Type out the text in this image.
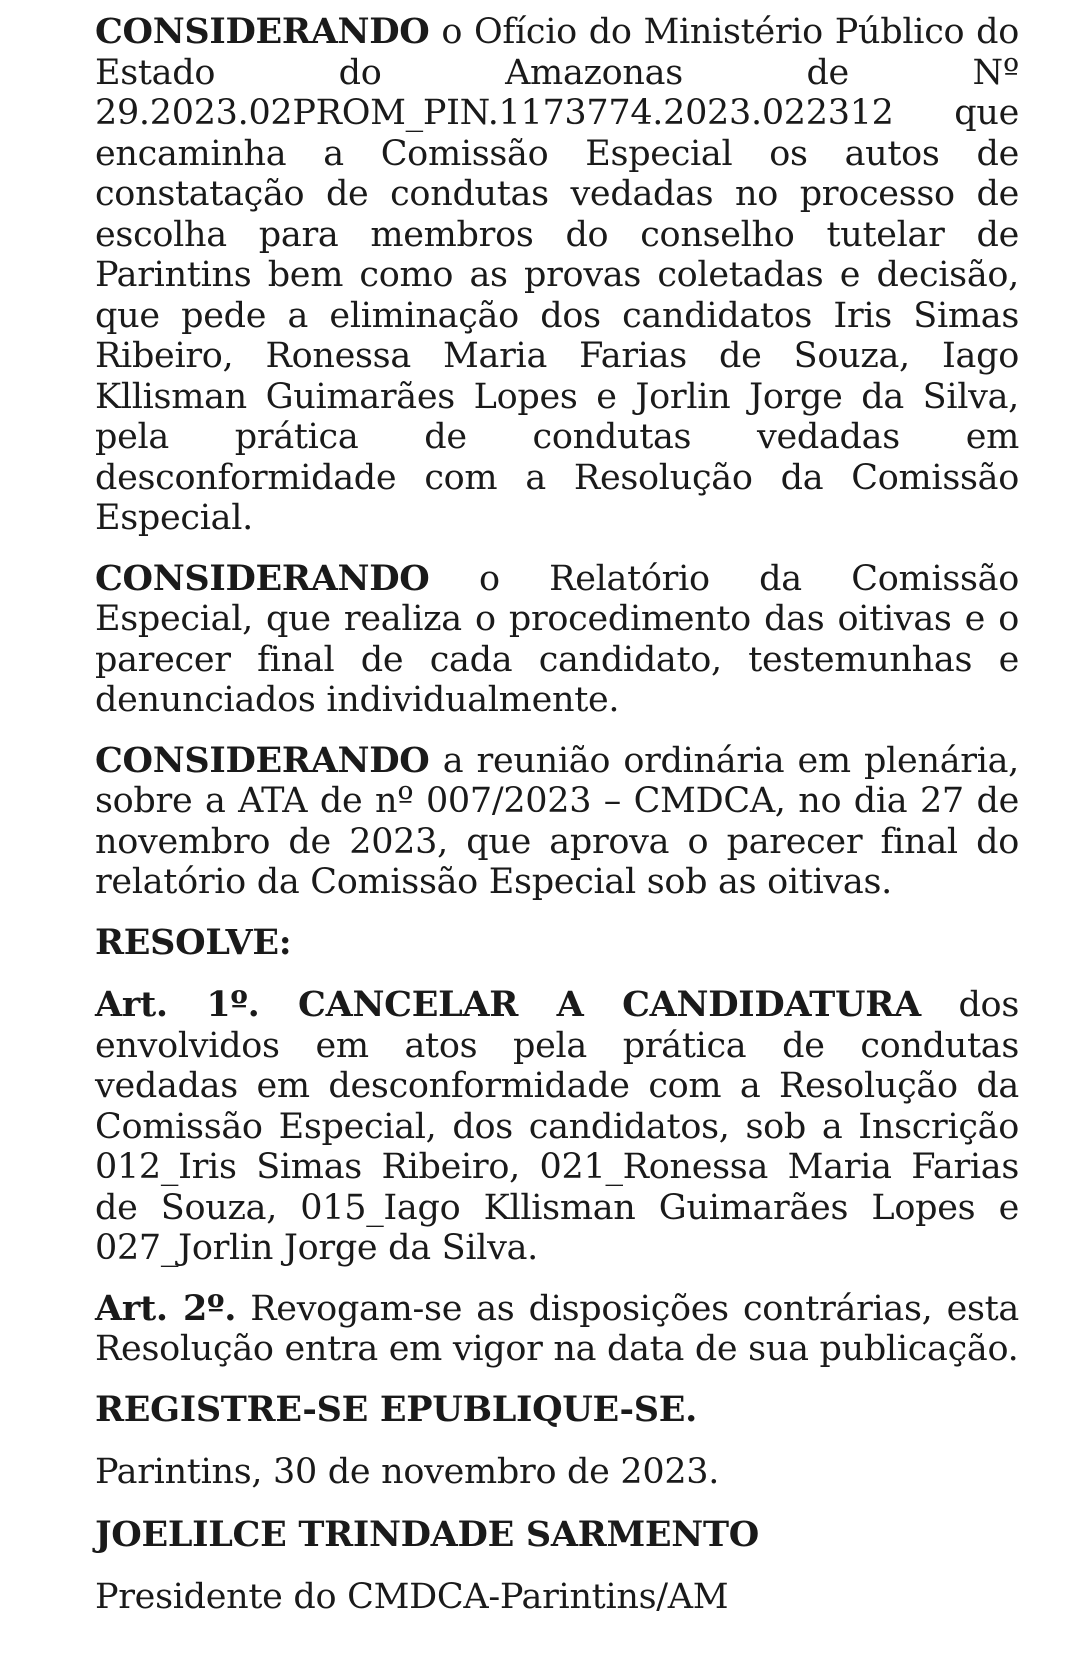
CONSIDERANDO o Ofício do Ministério Público do Estado do Amazonas de Nº 29.2023.02PROM_PIN.1173774.2023.022312 que encaminha a Comissão Especial os autos de constatação de condutas vedadas no processo de escolha para membros do conselho tutelar de Parintins bem como as provas coletadas e decisão, que pede a eliminação dos candidatos Iris Simas Ribeiro, Ronessa Maria Farias de Souza, Iago Kllisman Guimarães Lopes e Jorlin Jorge da Silva, pela prática de condutas vedadas em desconformidade com a Resolução da Comissão Especial.

CONSIDERANDO o Relatório da Comissão Especial, que realiza o procedimento das oitivas e o parecer final de cada candidato, testemunhas e denunciados individualmente.

CONSIDERANDO a reunião ordinária em plenária, sobre a ATA de nº 007/2023 – CMDCA, no dia 27 de novembro de 2023, que aprova o parecer final do relatório da Comissão Especial sob as oitivas.

RESOLVE:

Art. 1º. CANCELAR A CANDIDATURA dos envolvidos em atos pela prática de condutas vedadas em desconformidade com a Resolução da Comissão Especial, dos candidatos, sob a Inscrição 012_Iris Simas Ribeiro, 021_Ronessa Maria Farias de Souza, 015_Iago Kllisman Guimarães Lopes e 027_Jorlin Jorge da Silva.

Art. 2º. Revogam-se as disposições contrárias, esta Resolução entra em vigor na data de sua publicação.

REGISTRE-SE EPUBLIQUE-SE.

Parintins, 30 de novembro de 2023.

JOELILCE TRINDADE SARMENTO

Presidente do CMDCA-Parintins/AM
